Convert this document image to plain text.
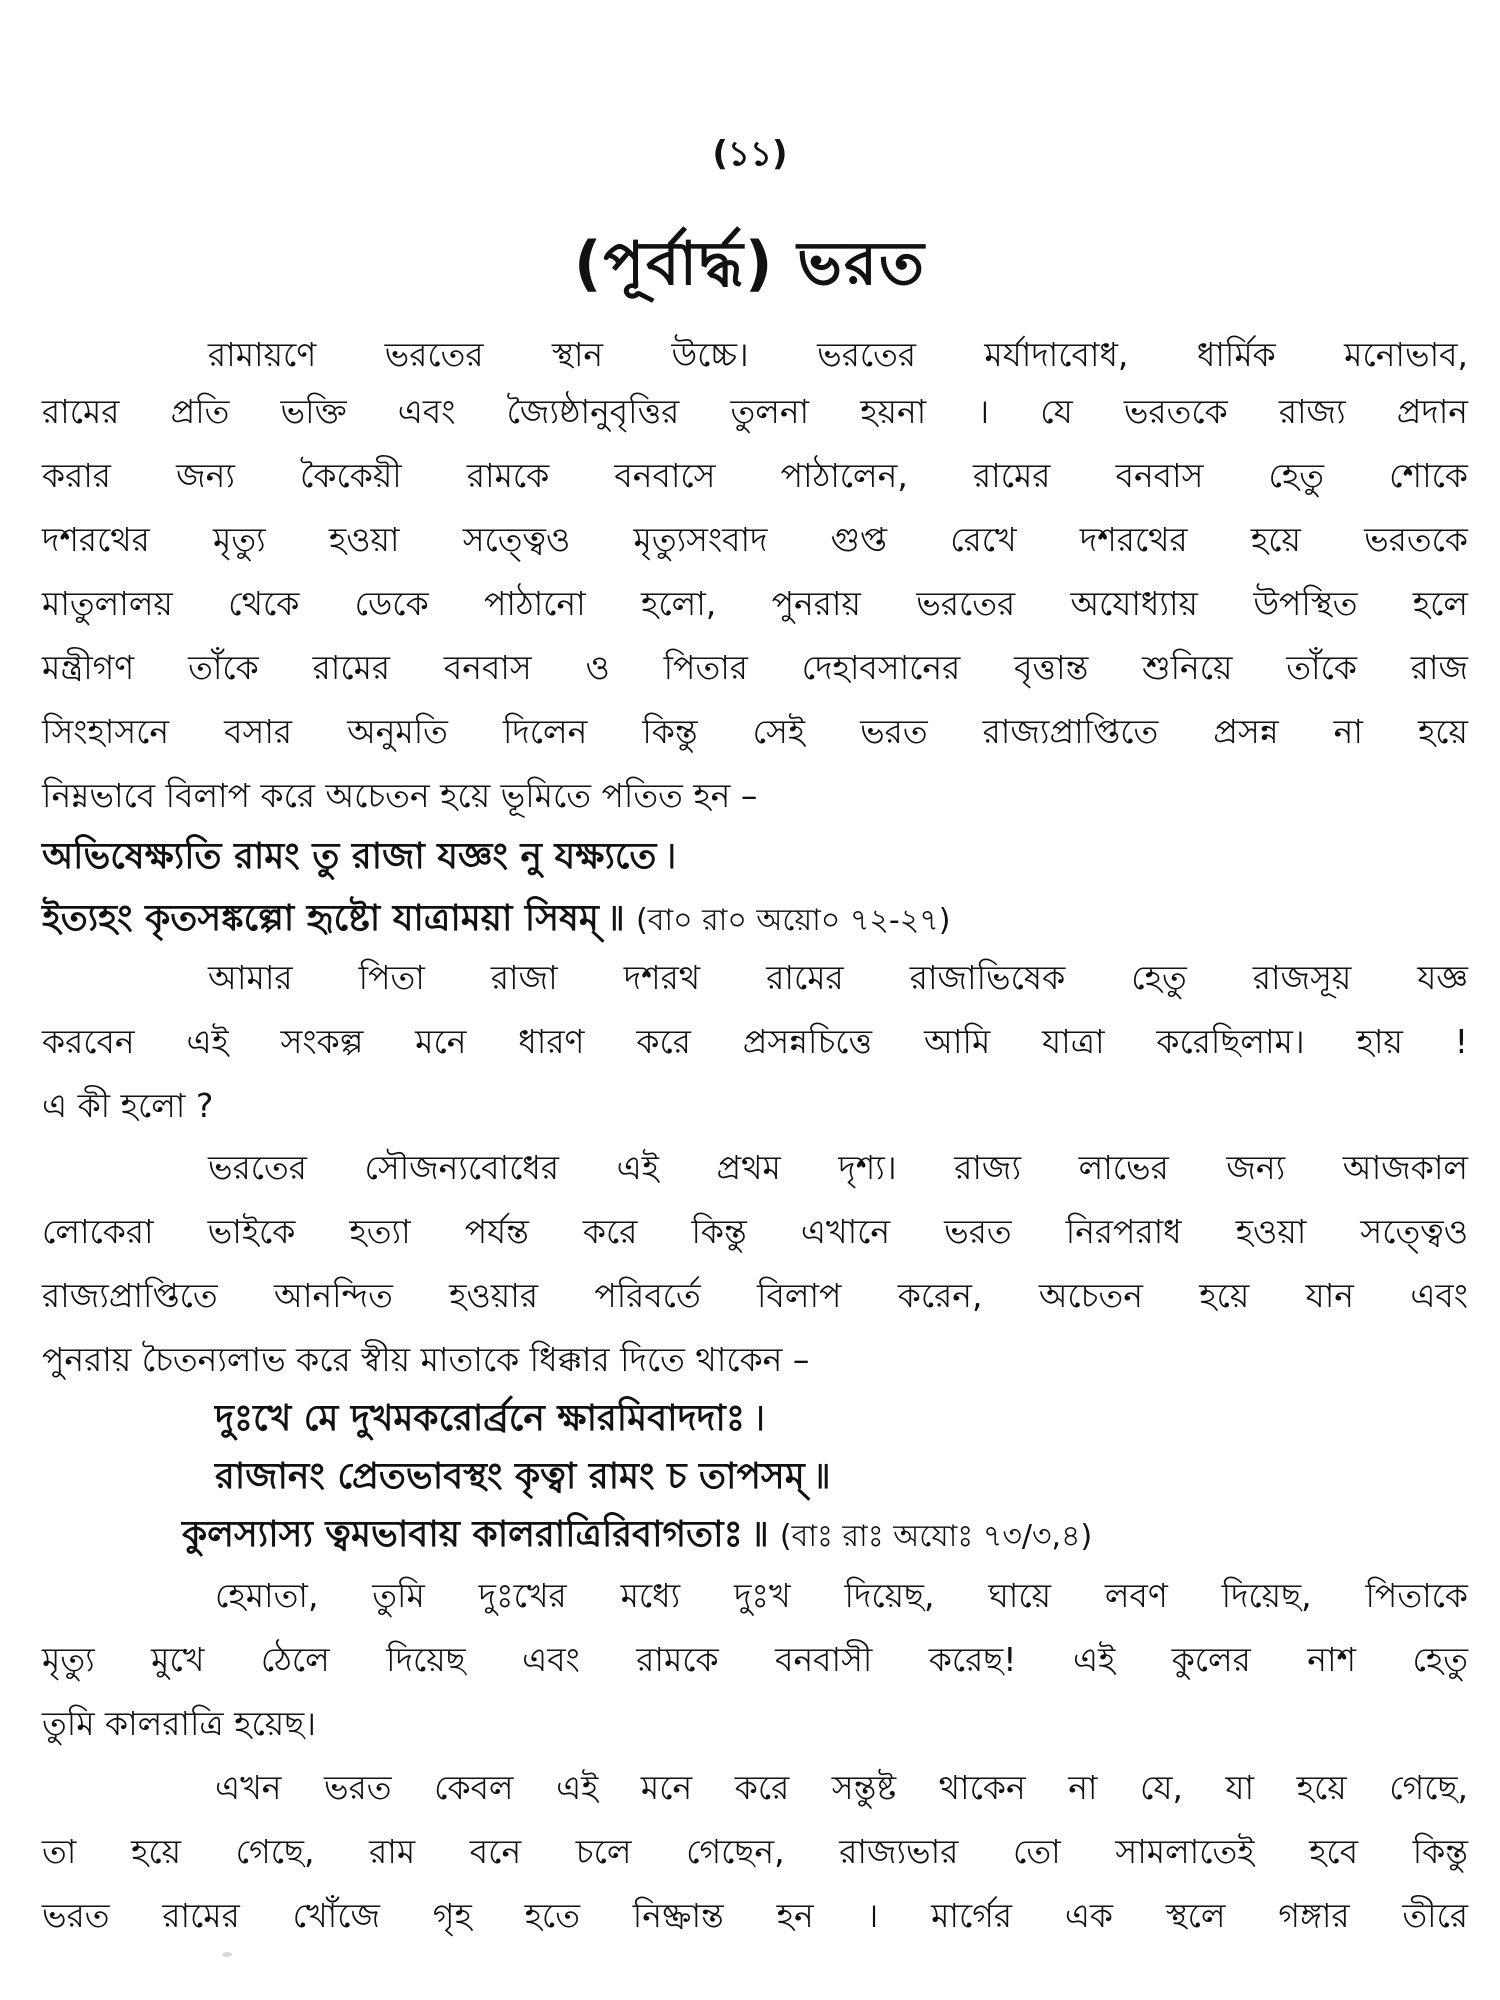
(১১)
(পূর্বার্দ্ধ) ভরত
রামায়ণে ভরতের স্থান উচ্চে। ভরতের মর্যাদাবোধ, ধার্মিক মনোভাব,
রামের প্রতি ভক্তি এবং জ্যৈষ্ঠানুবৃত্তির তুলনা হয়না । যে ভরতকে রাজ্য প্রদান
করার জন্য কৈকেয়ী রামকে বনবাসে পাঠালেন, রামের বনবাস হেতু শোকে
দশরথের মৃত্যু হওয়া সত্ত্বেও মৃত্যুসংবাদ গুপ্ত রেখে দশরথের হয়ে ভরতকে
মাতুলালয় থেকে ডেকে পাঠানো হলো, পুনরায় ভরতের অযোধ্যায় উপস্থিত হলে
মন্ত্রীগণ তাঁকে রামের বনবাস ও পিতার দেহাবসানের বৃত্তান্ত শুনিয়ে তাঁকে রাজ
সিংহাসনে বসার অনুমতি দিলেন কিন্তু সেই ভরত রাজ্যপ্রাপ্তিতে প্রসন্ন না হয়ে
নিম্নভাবে বিলাপ করে অচেতন হয়ে ভূমিতে পতিত হন –
অভিষেক্ষ্যতি রামং তু রাজা যজ্ঞং নু যক্ষ্যতে ৷
ইত্যহং কৃতসঙ্কল্পো হৃষ্টো যাত্রাময়া সিষম্ ৷৷ (বা০ রা০ অয়ো০ ৭২-২৭)
আমার পিতা রাজা দশরথ রামের রাজাভিষেক হেতু রাজসূয় যজ্ঞ
করবেন এই সংকল্প মনে ধারণ করে প্রসন্নচিত্তে আমি যাত্রা করেছিলাম। হায় !
এ কী হলো ?
ভরতের সৌজন্যবোধের এই প্রথম দৃশ্য। রাজ্য লাভের জন্য আজকাল
লোকেরা ভাইকে হত্যা পর্যন্ত করে কিন্তু এখানে ভরত নিরপরাধ হওয়া সত্ত্বেও
রাজ্যপ্রাপ্তিতে আনন্দিত হওয়ার পরিবর্তে বিলাপ করেন, অচেতন হয়ে যান এবং
পুনরায় চৈতন্যলাভ করে স্বীয় মাতাকে ধিক্কার দিতে থাকেন –
দুঃখে মে দুখমকরোর্ব্রনে ক্ষারমিবাদদাঃ ৷
রাজানং প্রেতভাবস্থং কৃত্বা রামং চ তাপসম্ ৷৷
কুলস্যাস্য ত্বমভাবায় কালরাত্রিরিবাগতাঃ ৷৷ (বাঃ রাঃ অযোঃ ৭৩/৩,৪)
হেমাতা, তুমি দুঃখের মধ্যে দুঃখ দিয়েছ, ঘায়ে লবণ দিয়েছ, পিতাকে
মৃত্যু মুখে ঠেলে দিয়েছ এবং রামকে বনবাসী করেছ! এই কুলের নাশ হেতু
তুমি কালরাত্রি হয়েছ।
এখন ভরত কেবল এই মনে করে সন্তুষ্ট থাকেন না যে, যা হয়ে গেছে,
তা হয়ে গেছে, রাম বনে চলে গেছেন, রাজ্যভার তো সামলাতেই হবে কিন্তু
ভরত রামের খোঁজে গৃহ হতে নিষ্ক্রান্ত হন । মার্গের এক স্থলে গঙ্গার তীরে
